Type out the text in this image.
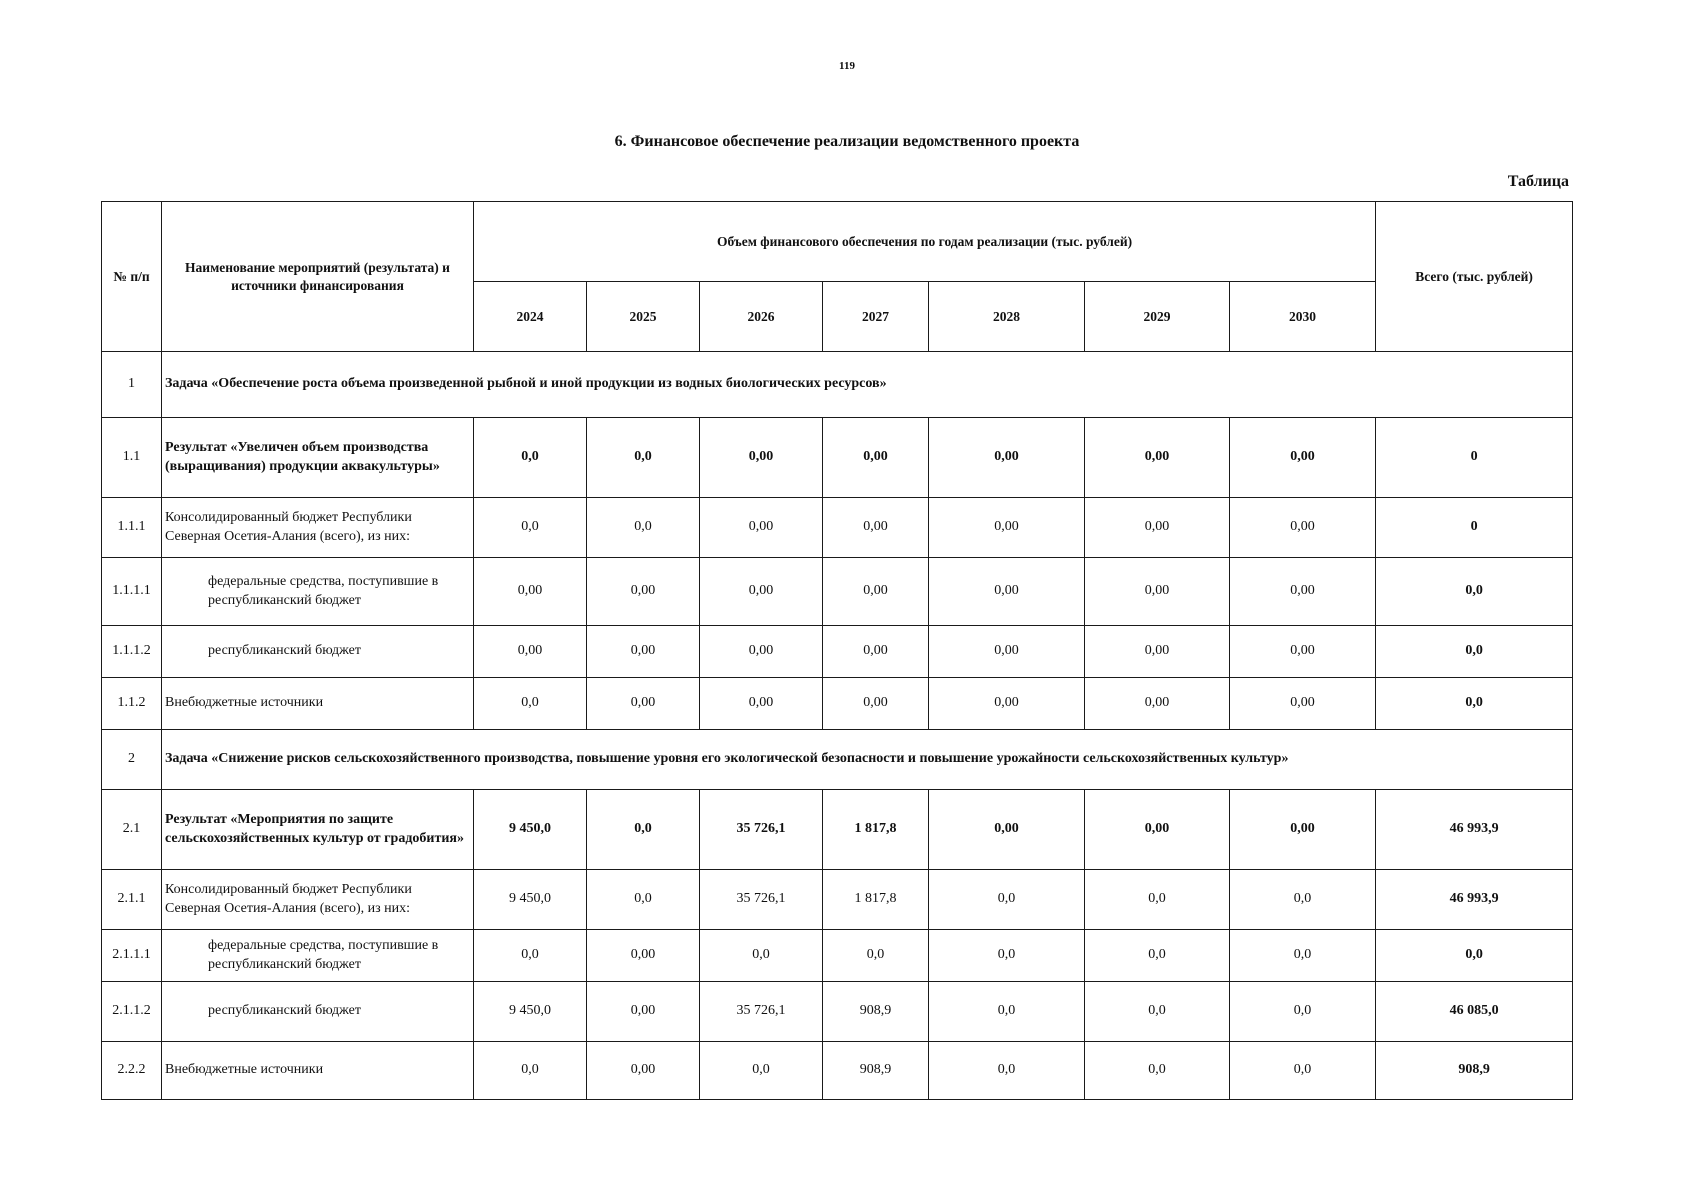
119
6. Финансовое обеспечение реализации ведомственного проекта
Таблица
№ п/п	Наименование мероприятий (результата) и источники финансирования	Объем финансового обеспечения по годам реализации (тыс. рублей)							Всего (тыс. рублей)
		2024	2025	2026	2027	2028	2029	2030	
1	Задача «Обеспечение роста объема произведенной рыбной и иной продукции из водных биологических ресурсов»								
1.1	Результат «Увеличен объем производства (выращивания) продукции аквакультуры»	0,0	0,0	0,00	0,00	0,00	0,00	0,00	0
1.1.1	Консолидированный бюджет Республики Северная Осетия-Алания (всего), из них:	0,0	0,0	0,00	0,00	0,00	0,00	0,00	0
1.1.1.1	федеральные средства, поступившие в республиканский бюджет	0,00	0,00	0,00	0,00	0,00	0,00	0,00	0,0
1.1.1.2	республиканский бюджет	0,00	0,00	0,00	0,00	0,00	0,00	0,00	0,0
1.1.2	Внебюджетные источники	0,0	0,00	0,00	0,00	0,00	0,00	0,00	0,0
2	Задача «Снижение рисков сельскохозяйственного производства, повышение уровня его экологической безопасности и повышение урожайности сельскохозяйственных культур»								
2.1	Результат «Мероприятия по защите сельскохозяйственных культур от градобития»	9 450,0	0,0	35 726,1	1 817,8	0,00	0,00	0,00	46 993,9
2.1.1	Консолидированный бюджет Республики Северная Осетия-Алания (всего), из них:	9 450,0	0,0	35 726,1	1 817,8	0,0	0,0	0,0	46 993,9
2.1.1.1	федеральные средства, поступившие в республиканский бюджет	0,0	0,00	0,0	0,0	0,0	0,0	0,0	0,0
2.1.1.2	республиканский бюджет	9 450,0	0,00	35 726,1	908,9	0,0	0,0	0,0	46 085,0
2.2.2	Внебюджетные источники	0,0	0,00	0,0	908,9	0,0	0,0	0,0	908,9
